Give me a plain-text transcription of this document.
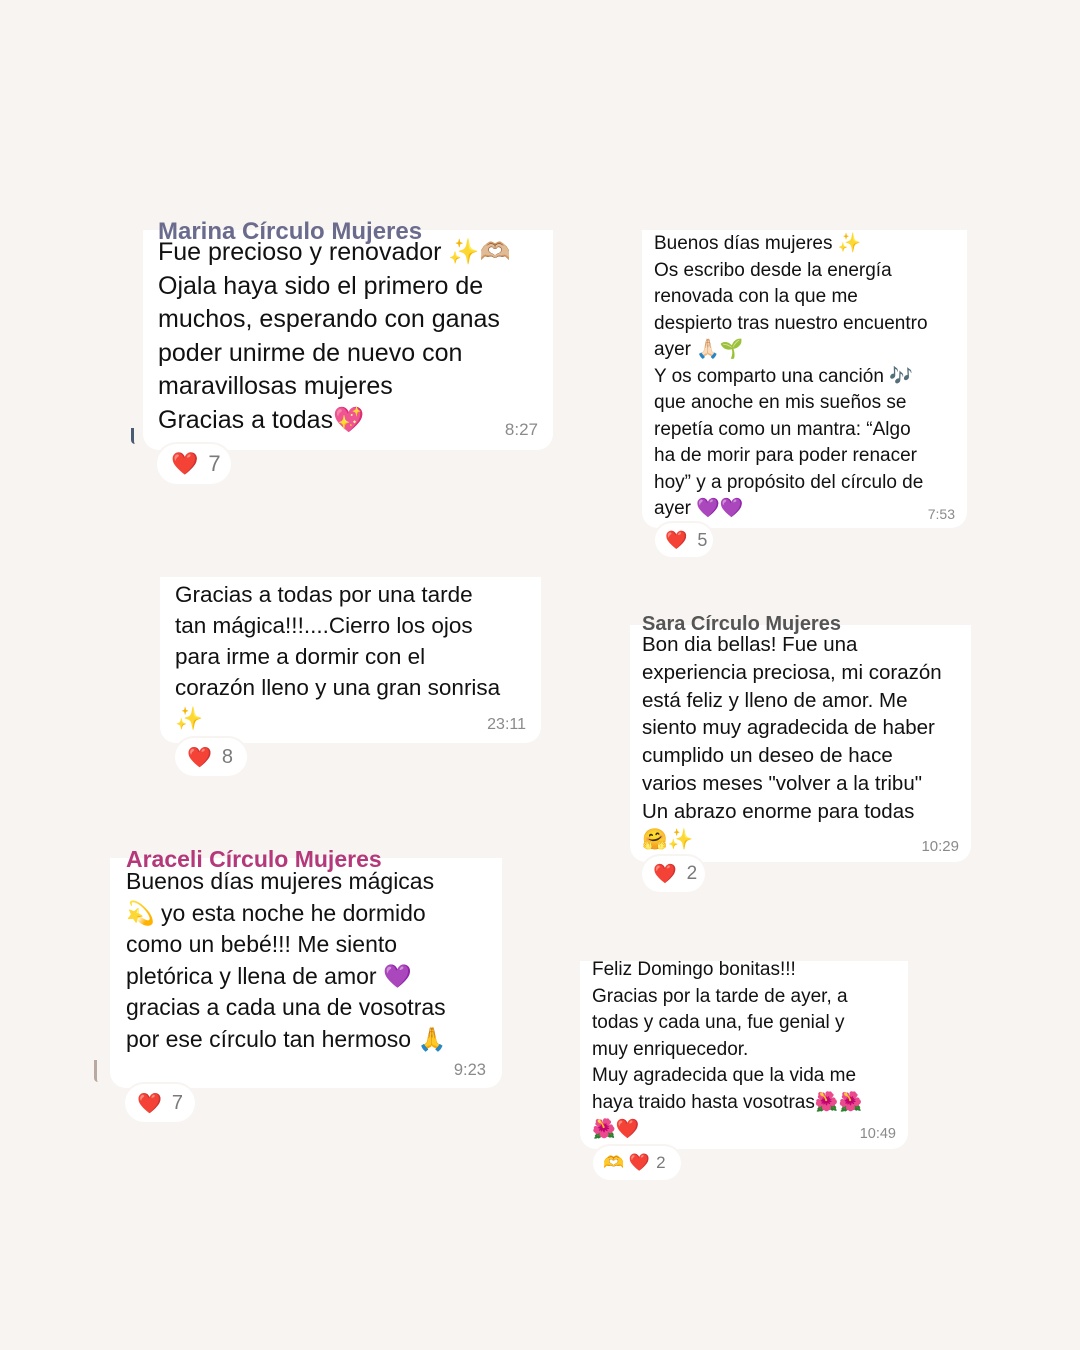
Marina Círculo Mujeres
Fue precioso y renovador ✨🫶🏼
Ojala haya sido el primero de
muchos, esperando con ganas
poder unirme de nuevo con
maravillosas mujeres
Gracias a todas💖	8:27
❤️ 7
Buenos días mujeres ✨
Os escribo desde la energía
renovada con la que me
despierto tras nuestro encuentro
ayer 🙏🏻🌱
Y os comparto una canción 🎶
que anoche en mis sueños se
repetía como un mantra: “Algo
ha de morir para poder renacer
hoy” y a propósito del círculo de
ayer 💜💜	7:53
❤️ 5
Gracias a todas por una tarde
tan mágica!!!....Cierro los ojos
para irme a dormir con el
corazón lleno y una gran sonrisa
✨	23:11
❤️ 8
Sara Círculo Mujeres
Bon dia bellas! Fue una
experiencia preciosa, mi corazón
está feliz y lleno de amor. Me
siento muy agradecida de haber
cumplido un deseo de hace
varios meses "volver a la tribu"
Un abrazo enorme para todas
🤗✨	10:29
❤️ 2
Araceli Círculo Mujeres
Buenos días mujeres mágicas
💫 yo esta noche he dormido
como un bebé!!! Me siento
pletórica y llena de amor 💜
gracias a cada una de vosotras
por ese círculo tan hermoso 🙏
9:23
❤️ 7
Feliz Domingo bonitas!!!
Gracias por la tarde de ayer, a
todas y cada una, fue genial y
muy enriquecedor.
Muy agradecida que la vida me
haya traido hasta vosotras🌺🌺
🌺❤️	10:49
🫶 ❤️ 2
